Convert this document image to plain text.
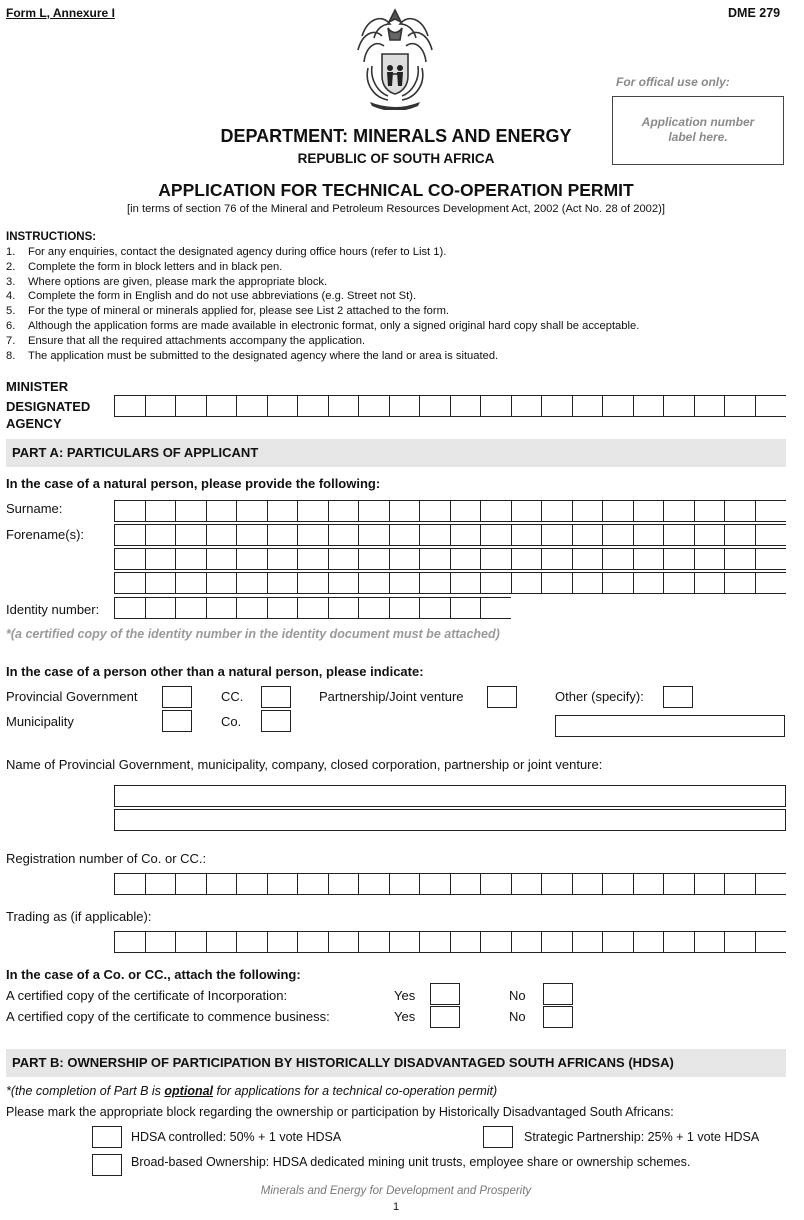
Form L, Annexure I	DME 279
For offical use only:
Application number
label here.
DEPARTMENT: MINERALS AND ENERGY
REPUBLIC OF SOUTH AFRICA
APPLICATION FOR TECHNICAL CO-OPERATION PERMIT
[in terms of section 76 of the Mineral and Petroleum Resources Development Act, 2002 (Act No. 28 of 2002)]
INSTRUCTIONS:
1. For any enquiries, contact the designated agency during office hours (refer to List 1).
2. Complete the form in block letters and in black pen.
3. Where options are given, please mark the appropriate block.
4. Complete the form in English and do not use abbreviations (e.g. Street not St).
5. For the type of mineral or minerals applied for, please see List 2 attached to the form.
6. Although the application forms are made available in electronic format, only a signed original hard copy shall be acceptable.
7. Ensure that all the required attachments accompany the application.
8. The application must be submitted to the designated agency where the land or area is situated.
MINISTER
DESIGNATED
AGENCY
PART A: PARTICULARS OF APPLICANT
In the case of a natural person, please provide the following:
Surname:
Forename(s):
Identity number:
*(a certified copy of the identity number in the identity document must be attached)
In the case of a person other than a natural person, please indicate:
Provincial Government	CC.	Partnership/Joint venture	Other (specify):
Municipality	Co.
Name of Provincial Government, municipality, company, closed corporation, partnership or joint venture:
Registration number of Co. or CC.:
Trading as (if applicable):
In the case of a Co. or CC., attach the following:
A certified copy of the certificate of Incorporation:	Yes	No
A certified copy of the certificate to commence business:	Yes	No
PART B: OWNERSHIP OF PARTICIPATION BY HISTORICALLY DISADVANTAGED SOUTH AFRICANS (HDSA)
*(the completion of Part B is optional for applications for a technical co-operation permit)
Please mark the appropriate block regarding the ownership or participation by Historically Disadvantaged South Africans:
HDSA controlled: 50% + 1 vote HDSA	Strategic Partnership: 25% + 1 vote HDSA
Broad-based Ownership: HDSA dedicated mining unit trusts, employee share or ownership schemes.
Minerals and Energy for Development and Prosperity
1
